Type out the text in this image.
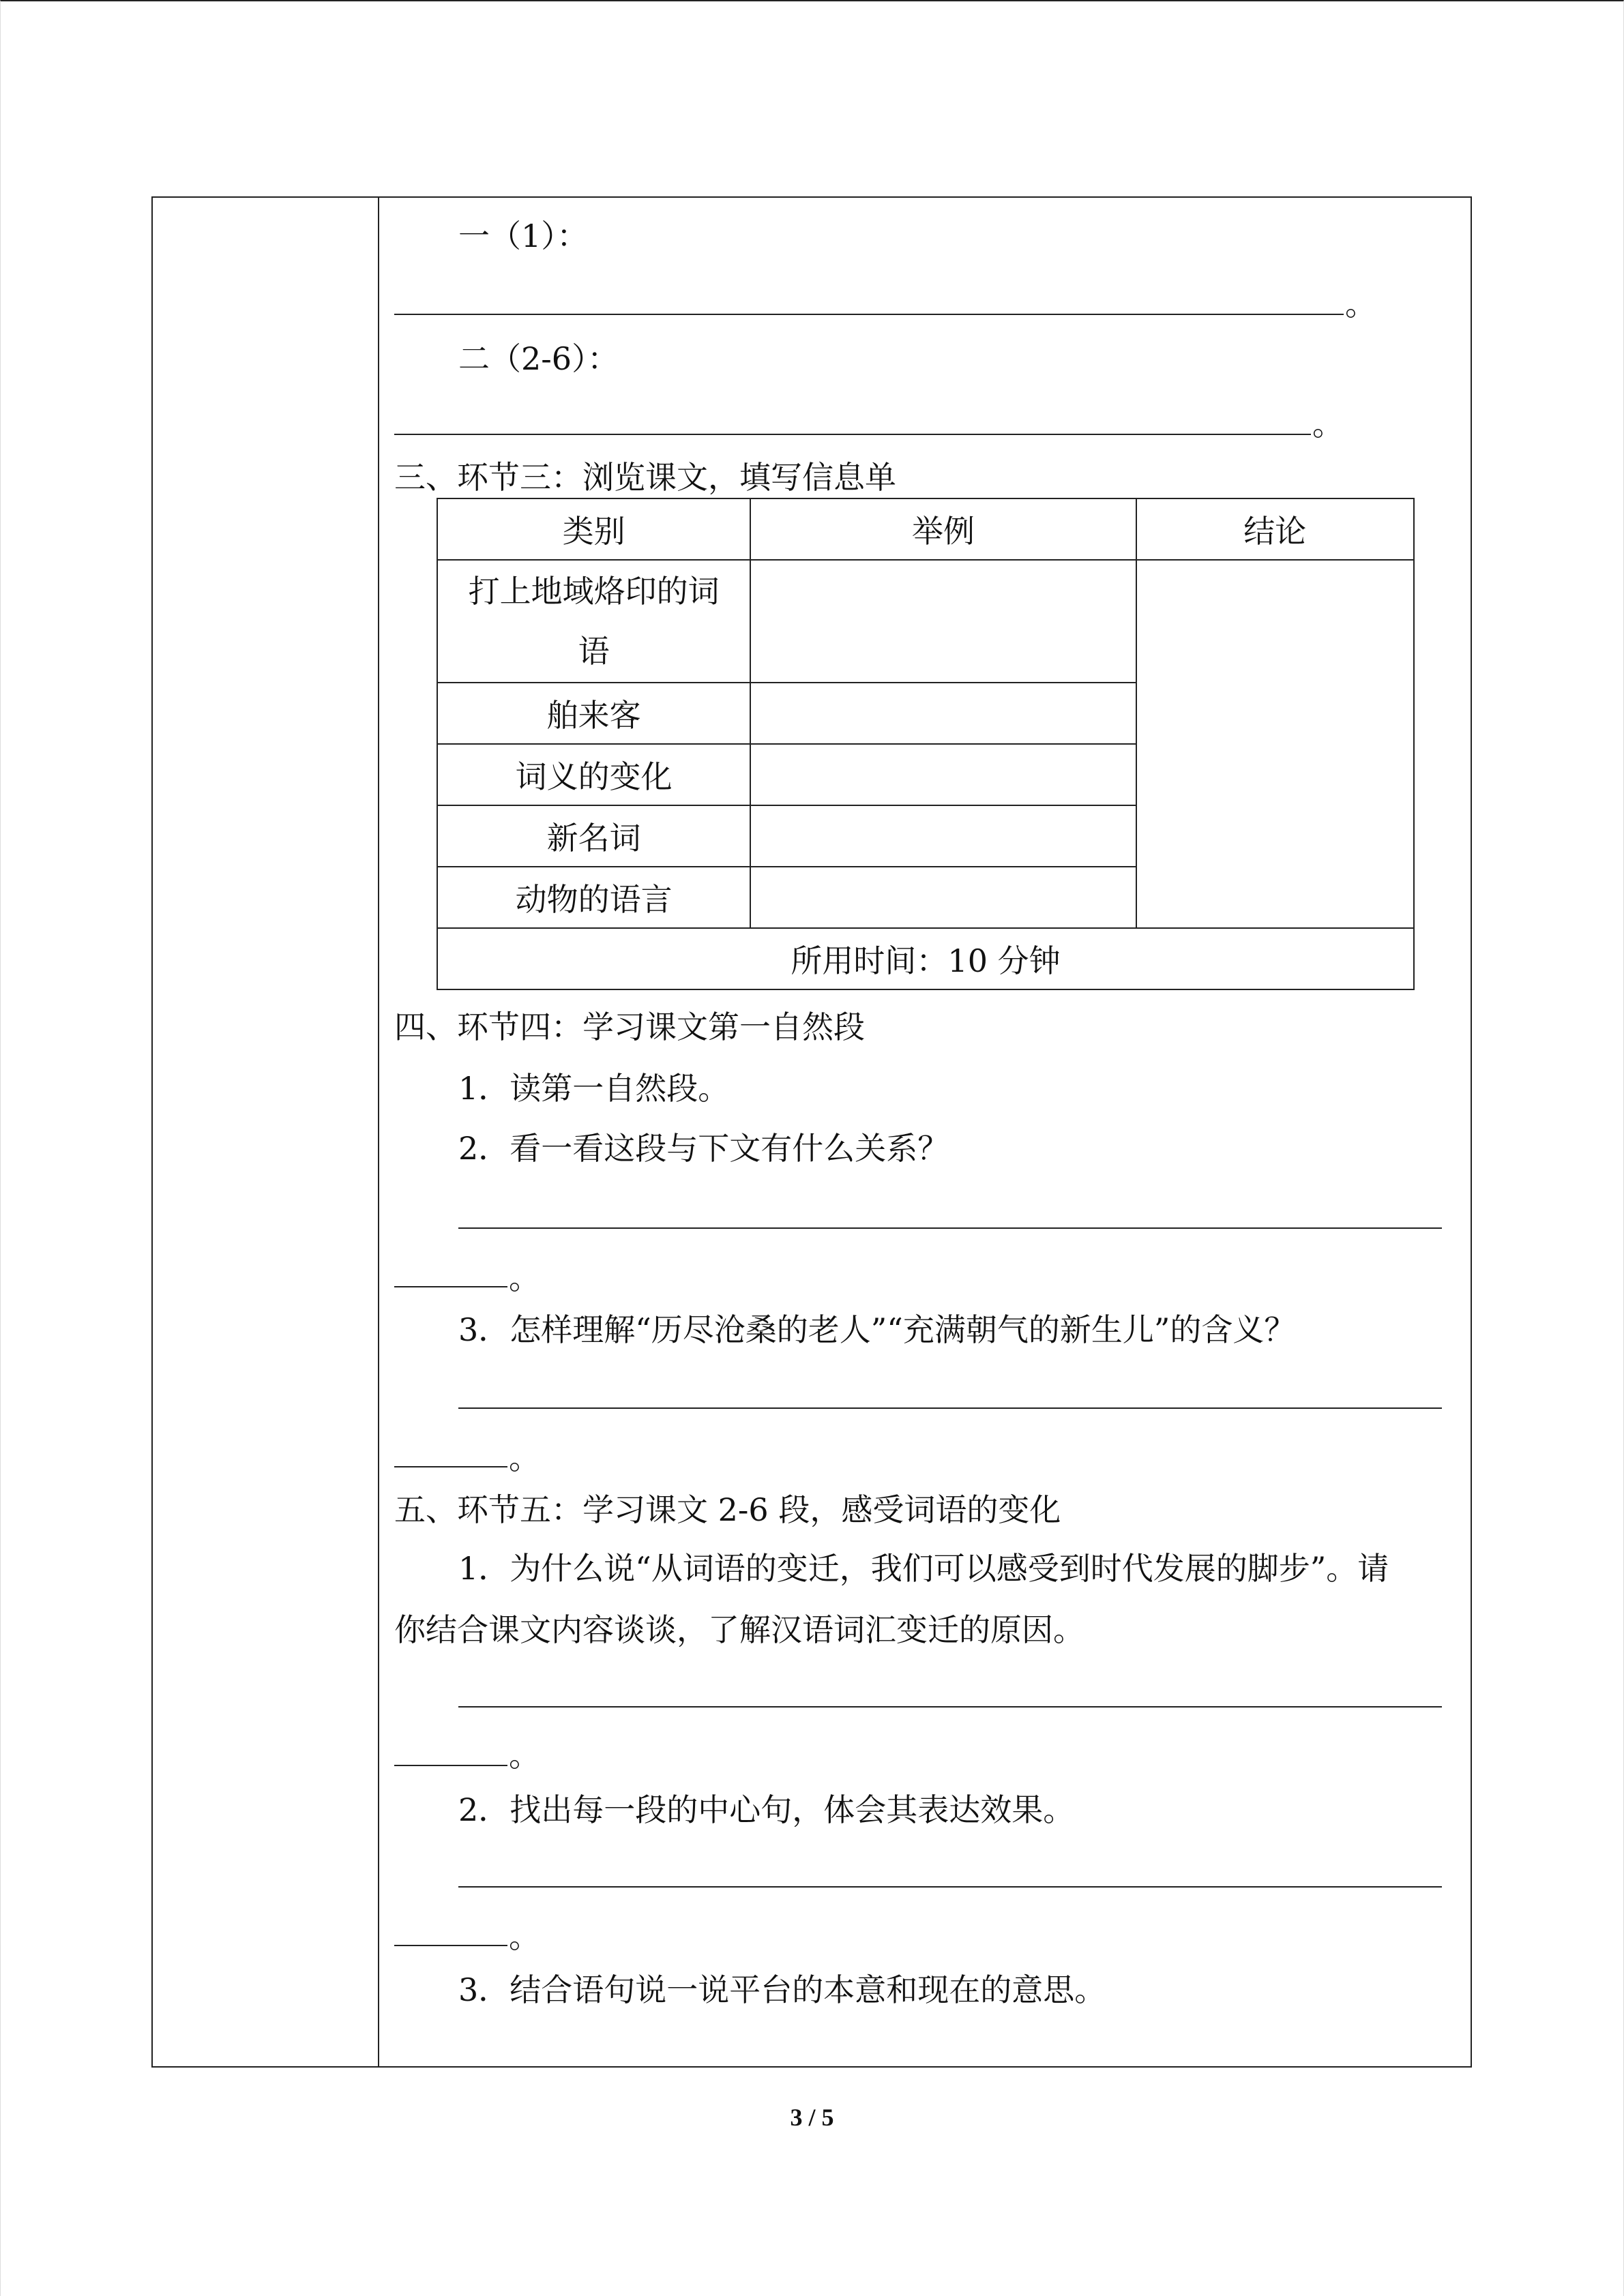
一（1）：
。
二（2-6）：
。
三、环节三：浏览课文，填写信息单
类别	举例	结论

打上地域烙印的词
语		

舶来客		
词义的变化		
新名词		
动物的语言		
所用时间：10 分钟		
四、环节四：学习课文第一自然段
1．读第一自然段。
2．看一看这段与下文有什么关系？
。
3．怎样理解“历尽沧桑的老人”“充满朝气的新生儿”的含义？
。
五、环节五：学习课文 2-6 段，感受词语的变化
1．为什么说“从词语的变迁，我们可以感受到时代发展的脚步”。请
你结合课文内容谈谈，了解汉语词汇变迁的原因。
。
2．找出每一段的中心句，体会其表达效果。
。
3．结合语句说一说平台的本意和现在的意思。
3 / 5
